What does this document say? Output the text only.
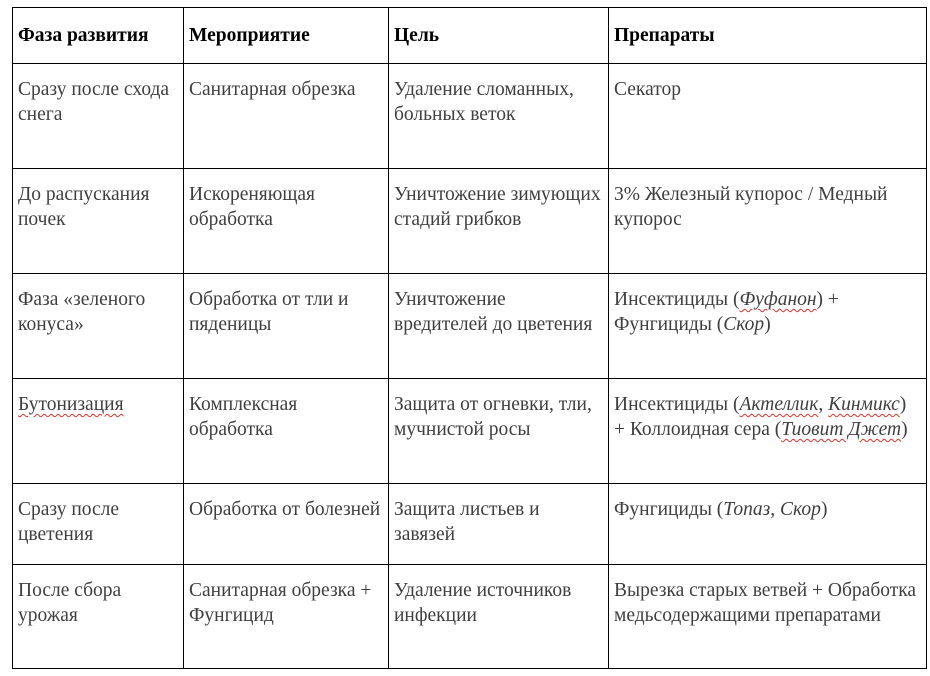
Фаза развития	Мероприятие	Цель	Препараты
Сразу после схода снега	Санитарная обрезка	Удаление сломанных, больных веток	Секатор
До распускания почек	Искореняющая обработка	Уничтожение зимующих стадий грибков	3% Железный купорос / Медный купорос
Фаза «зеленого конуса»	Обработка от тли и пяденицы	Уничтожение вредителей до цветения	Инсектициды (Фуфанон) + Фунгициды (Скор)
Бутонизация	Комплексная обработка	Защита от огневки, тли, мучнистой росы	Инсектициды (Актеллик, Кинмикс) + Коллоидная сера (Тиовит Джет)
Сразу после цветения	Обработка от болезней	Защита листьев и завязей	Фунгициды (Топаз, Скор)
После сбора урожая	Санитарная обрезка + Фунгицид	Удаление источников инфекции	Вырезка старых ветвей + Обработка медьсодержащими препаратами
